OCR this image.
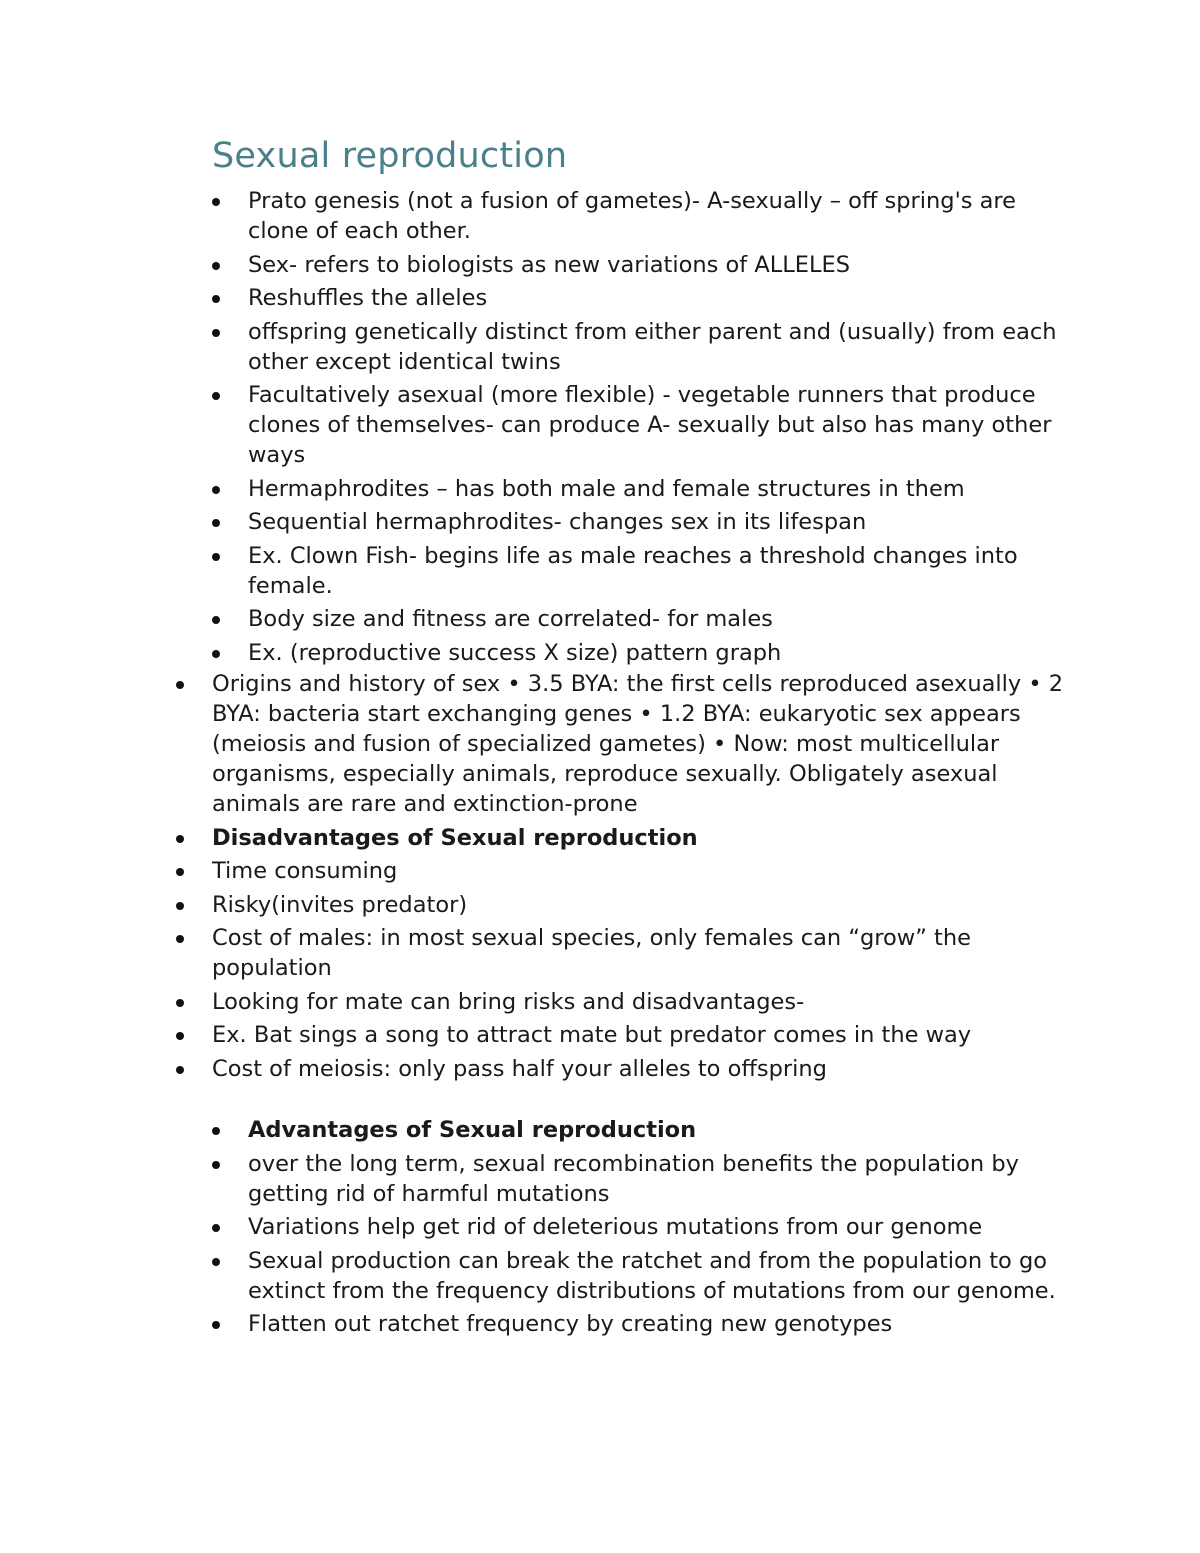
Sexual reproduction
Prato genesis (not a fusion of gametes)- A-sexually – off spring's are clone of each other.
Sex- refers to biologists as new variations of ALLELES
Reshuffles the alleles
offspring genetically distinct from either parent and (usually) from each other except identical twins
Facultatively asexual (more flexible) - vegetable runners that produce clones of themselves- can produce A- sexually but also has many other ways
Hermaphrodites – has both male and female structures in them
Sequential hermaphrodites- changes sex in its lifespan
Ex. Clown Fish- begins life as male reaches a threshold changes into female.
Body size and fitness are correlated- for males
Ex. (reproductive success X size) pattern graph
Origins and history of sex • 3.5 BYA: the first cells reproduced asexually • 2 BYA: bacteria start exchanging genes • 1.2 BYA: eukaryotic sex appears (meiosis and fusion of specialized gametes) • Now: most multicellular organisms, especially animals, reproduce sexually. Obligately asexual animals are rare and extinction-prone
Disadvantages of Sexual reproduction
Time consuming
Risky(invites predator)
Cost of males: in most sexual species, only females can “grow” the population
Looking for mate can bring risks and disadvantages-
Ex. Bat sings a song to attract mate but predator comes in the way
Cost of meiosis: only pass half your alleles to offspring
Advantages of Sexual reproduction
over the long term, sexual recombination benefits the population by getting rid of harmful mutations
Variations help get rid of deleterious mutations from our genome
Sexual production can break the ratchet and from the population to go extinct from the frequency distributions of mutations from our genome.
Flatten out ratchet frequency by creating new genotypes
